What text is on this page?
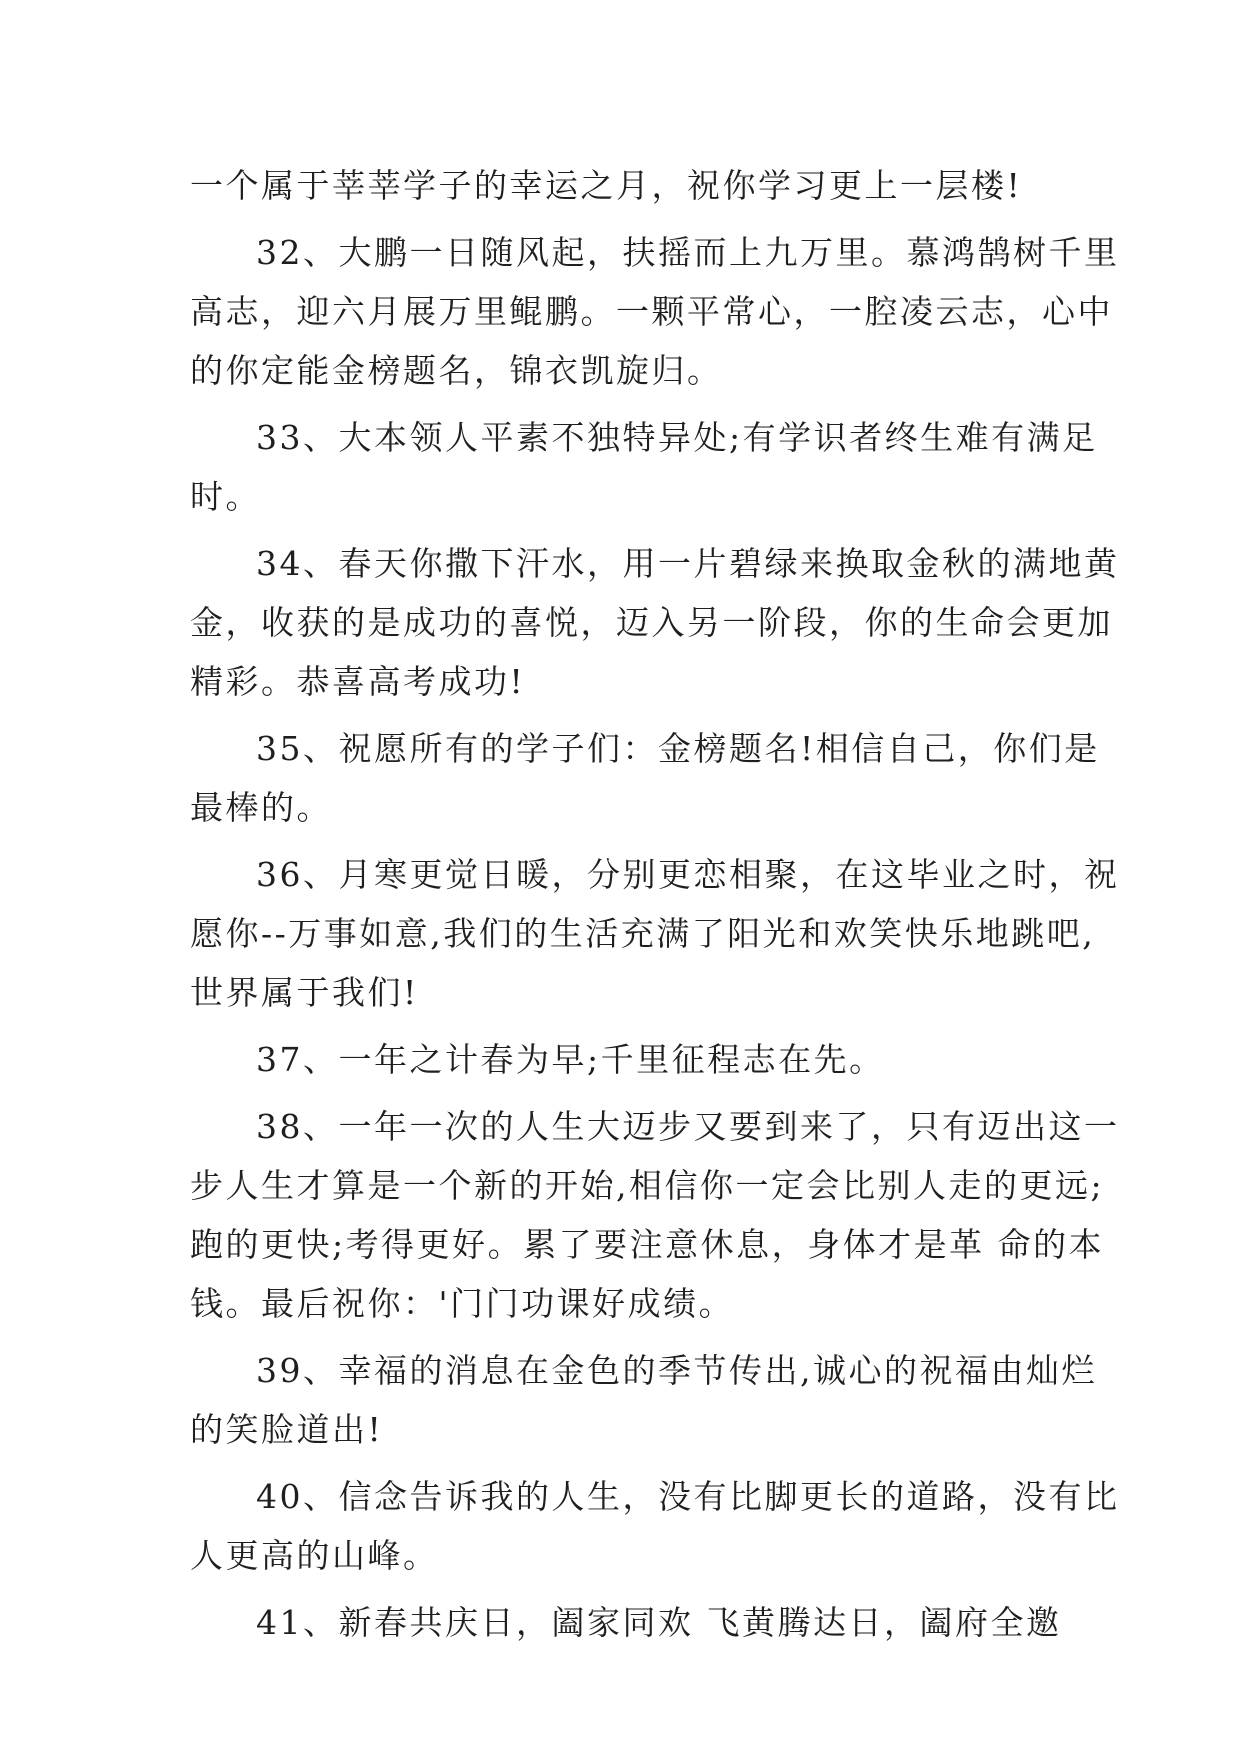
一个属于莘莘学子的幸运之月，祝你学习更上一层楼!

32、大鹏一日随风起，扶摇而上九万里。慕鸿鹄树千里
高志，迎六月展万里鲲鹏。一颗平常心，一腔凌云志，心中
的你定能金榜题名，锦衣凯旋归。

33、大本领人平素不独特异处;有学识者终生难有满足
时。

34、春天你撒下汗水，用一片碧绿来换取金秋的满地黄
金，收获的是成功的喜悦，迈入另一阶段，你的生命会更加
精彩。恭喜高考成功!

35、祝愿所有的学子们：金榜题名!相信自己，你们是
最棒的。

36、月寒更觉日暖，分别更恋相聚，在这毕业之时，祝
愿你--万事如意,我们的生活充满了阳光和欢笑快乐地跳吧,
世界属于我们!

37、一年之计春为早;千里征程志在先。

38、一年一次的人生大迈步又要到来了，只有迈出这一
步人生才算是一个新的开始,相信你一定会比别人走的更远;
跑的更快;考得更好。累了要注意休息，身体才是革 命的本
钱。最后祝你：'门门功课好成绩。

39、幸福的消息在金色的季节传出,诚心的祝福由灿烂
的笑脸道出!

40、信念告诉我的人生，没有比脚更长的道路，没有比
人更高的山峰。

41、新春共庆日，阖家同欢 飞黄腾达日，阖府全邀
